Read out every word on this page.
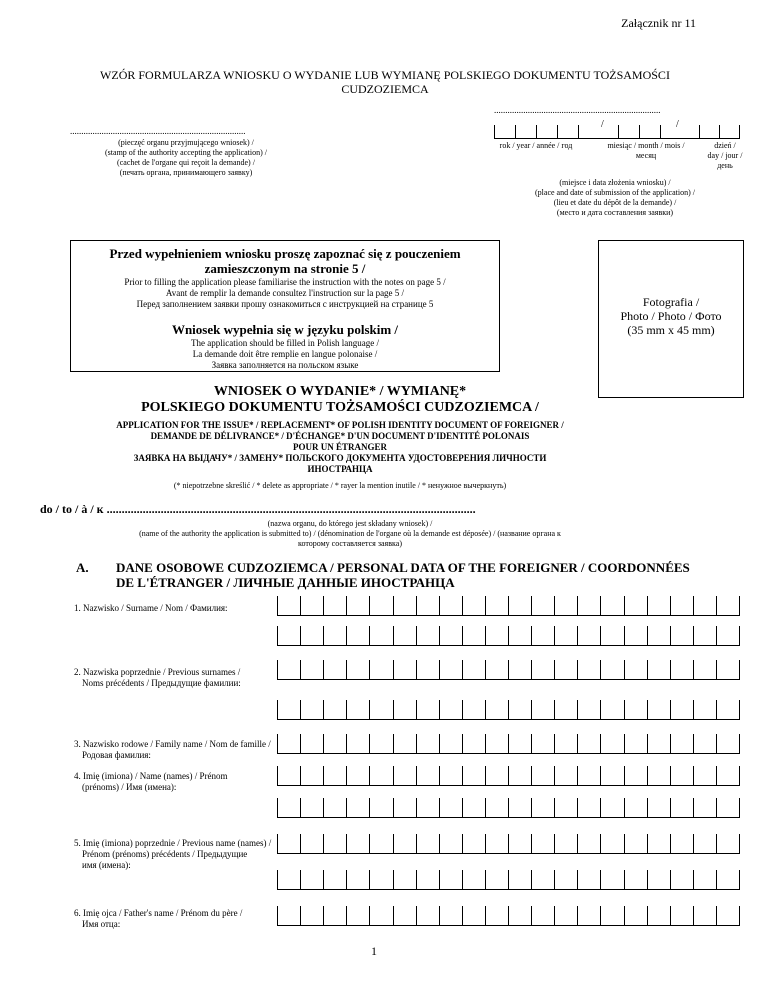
Załącznik nr 11
WZÓR FORMULARZA WNIOSKU O WYDANIE LUB WYMIANĘ POLSKIEGO DOKUMENTU TOŻSAMOŚCI CUDZOZIEMCA
..............................................................................
(pieczęć organu przyjmującego wniosek) /
(stamp of the authority accepting the application) /
(cachet de l'organe qui reçoit la demande) /
(печать органа, принимающего заявку)
..........................................................................
/	/
rok / year / année / год	miesiąc / month / mois /
месяц
dzień /
day / jour /
день
(miejsce i data złożenia wniosku) /
(place and date of submission of the application) /
(lieu et date du dépôt de la demande) /
(место и дата составления заявки)
Przed wypełnieniem wniosku proszę zapoznać się z pouczeniem
zamieszczonym na stronie 5 /
Prior to filling the application please familiarise the instruction with the notes on page 5 /
Avant de remplir la demande consultez l'instruction sur la page 5 /
Перед заполнением заявки прошу ознакомиться с инструкцией на странице 5
Wniosek wypełnia się w języku polskim /
The application should be filled in Polish language /
La demande doit être remplie en langue polonaise /
Заявка заполняется на польском языке
Fotografia /
Photo / Photo / Фото
(35 mm x 45 mm)
WNIOSEK O WYDANIE* / WYMIANĘ*
POLSKIEGO DOKUMENTU TOŻSAMOŚCI CUDZOZIEMCA /
APPLICATION FOR THE ISSUE* / REPLACEMENT* OF POLISH IDENTITY DOCUMENT OF FOREIGNER /
DEMANDE DE DÉLIVRANCE* / D'ÉCHANGE* D'UN DOCUMENT D'IDENTITÉ POLONAIS
POUR UN ÉTRANGER
ЗАЯВКА НА ВЫДАЧУ* / ЗАМЕНУ* ПОЛЬСКОГО ДОКУМЕНТА УДОСТОВЕРЕНИЯ ЛИЧНОСТИ
ИНОСТРАНЦА
(* niepotrzebne skreślić / * delete as appropriate / * rayer la mention inutile / * ненужное вычеркнуть)
do / to / à / к ...........................................................................................................................
(nazwa organu, do którego jest składany wniosek) /
(name of the authority the application is submitted to) / (dénomination de l'organe où la demande est déposée) / (название органа к
которому составляется заявка)
A. DANE OSOBOWE CUDZOZIEMCA / PERSONAL DATA OF THE FOREIGNER / COORDONNÉES
DE L'ÉTRANGER / ЛИЧНЫЕ ДАННЫЕ ИНОСТРАНЦА
1. Nazwisko / Surname / Nom / Фамилия:
2. Nazwiska poprzednie / Previous surnames /
Noms précédents / Предыдущие фамилии:
3. Nazwisko rodowe / Family name / Nom de famille /
Родовая фамилия:
4. Imię (imiona) / Name (names) / Prénom
(prénoms) / Имя (имена):
5. Imię (imiona) poprzednie / Previous name (names) /
Prénom (prénoms) précédents / Предыдущие
имя (имена):
6. Imię ojca / Father's name / Prénom du père /
Имя отца:
1
